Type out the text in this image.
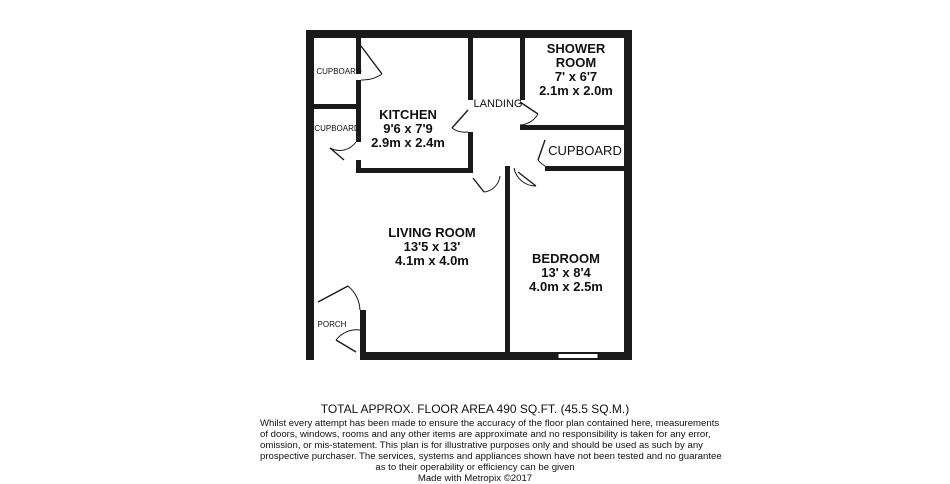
SHOWER
ROOM
7' x 6'7
2.1m x 2.0m
LANDING
KITCHEN
9'6 x 7'9
2.9m x 2.4m
CUPBOARD
CUPBOARD
CUPBOARD
LIVING ROOM
13'5 x 13'
4.1m x 4.0m	BEDROOM
13' x 8'4
4.0m x 2.5m
PORCH
TOTAL APPROX. FLOOR AREA 490 SQ.FT. (45.5 SQ.M.)
Whilst every attempt has been made to ensure the accuracy of the floor plan contained here, measurements
of doors, windows, rooms and any other items are approximate and no responsibility is taken for any error,
omission, or mis-statement. This plan is for illustrative purposes only and should be used as such by any
prospective purchaser. The services, systems and appliances shown have not been tested and no guarantee
as to their operability or efficiency can be given
Made with Metropix ©2017
